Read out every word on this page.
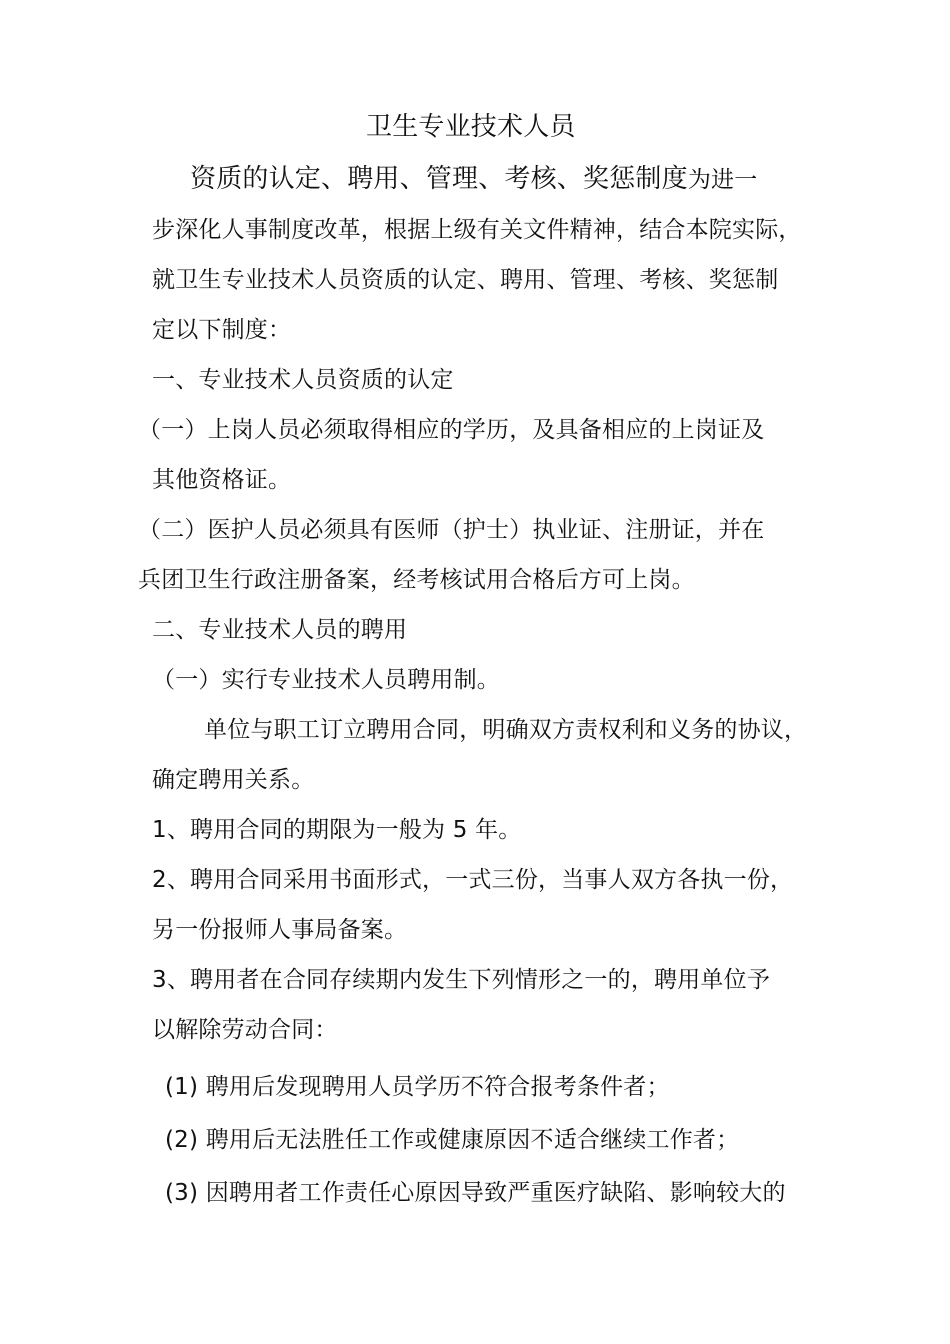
卫生专业技术人员
资质的认定、聘用、管理、考核、奖惩制度为进一
步深化人事制度改革，根据上级有关文件精神，结合本院实际，
就卫生专业技术人员资质的认定、聘用、管理、考核、奖惩制
定以下制度：
一、专业技术人员资质的认定
（一）上岗人员必须取得相应的学历，及具备相应的上岗证及
其他资格证。
（二）医护人员必须具有医师（护士）执业证、注册证，并在
兵团卫生行政注册备案，经考核试用合格后方可上岗。
二、专业技术人员的聘用
（一）实行专业技术人员聘用制。
单位与职工订立聘用合同，明确双方责权利和义务的协议，
确定聘用关系。
1、聘用合同的期限为一般为 5 年。
2、聘用合同采用书面形式，一式三份，当事人双方各执一份，
另一份报师人事局备案。
3、聘用者在合同存续期内发生下列情形之一的，聘用单位予
以解除劳动合同：
(1) 聘用后发现聘用人员学历不符合报考条件者；
(2) 聘用后无法胜任工作或健康原因不适合继续工作者；
(3) 因聘用者工作责任心原因导致严重医疗缺陷、影响较大的
